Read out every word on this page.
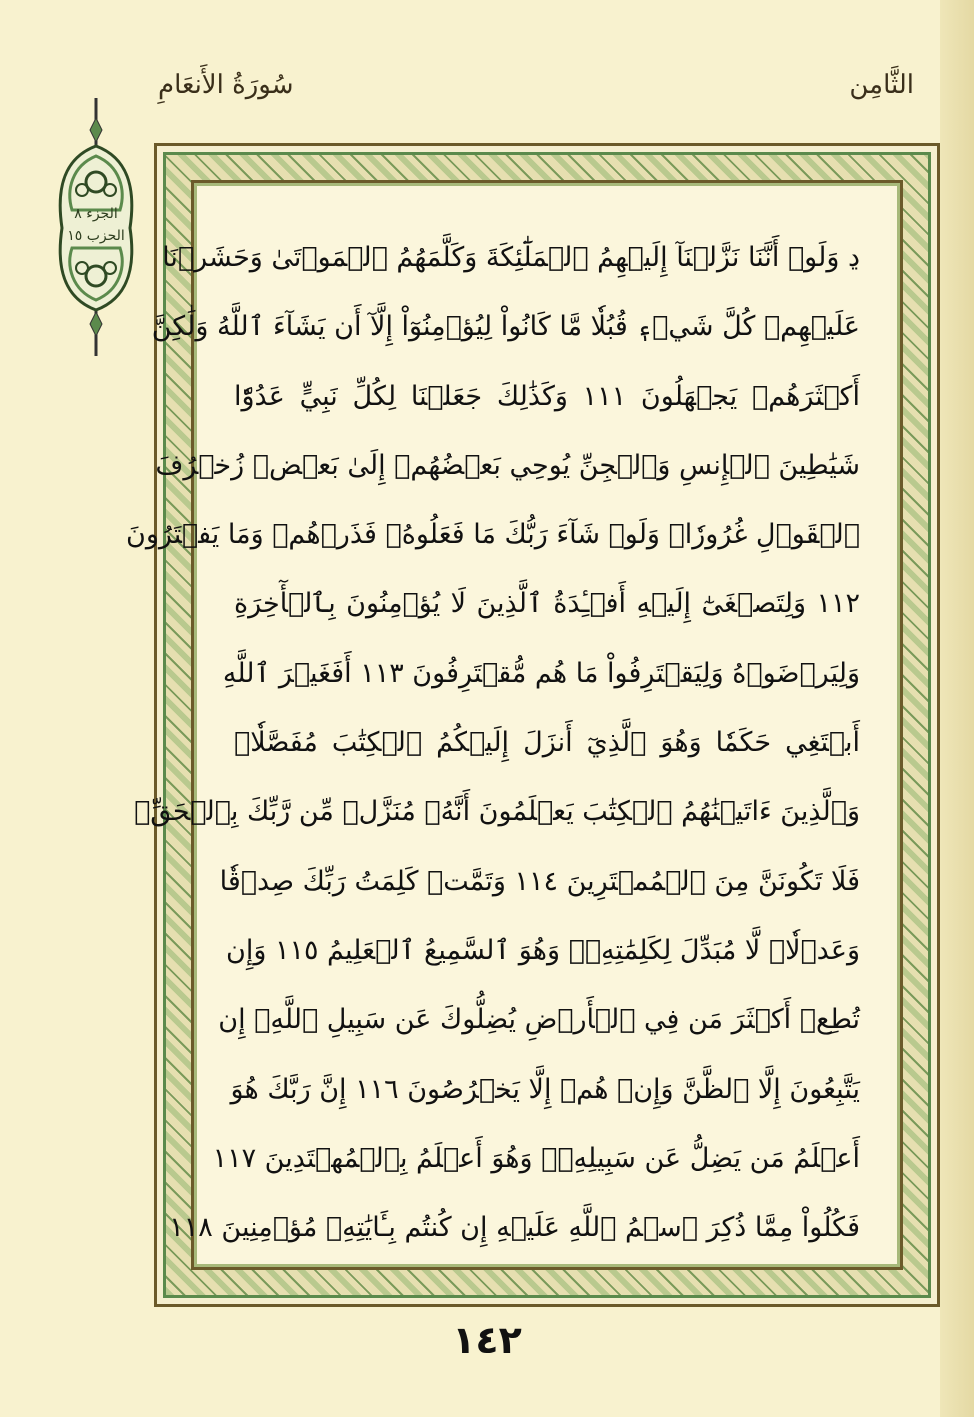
سُورَةُ الأَنعَامِ	الثَّامِن
الجزء ٨
الحزب ١٥
ﮂ وَلَوۡ أَنَّنَا نَزَّلۡنَآ إِلَيۡهِمُ ٱلۡمَلَٰٓئِكَةَ وَكَلَّمَهُمُ ٱلۡمَوۡتَىٰ وَحَشَرۡنَا
عَلَيۡهِمۡ كُلَّ شَيۡءٖ قُبُلٗا مَّا كَانُواْ لِيُؤۡمِنُوٓاْ إِلَّآ أَن يَشَآءَ ٱللَّهُ وَلَٰكِنَّ
أَكۡثَرَهُمۡ يَجۡهَلُونَ ١١١ وَكَذَٰلِكَ جَعَلۡنَا لِكُلِّ نَبِيٍّ عَدُوّٗا
شَيَٰطِينَ ٱلۡإِنسِ وَٱلۡجِنِّ يُوحِي بَعۡضُهُمۡ إِلَىٰ بَعۡضٖ زُخۡرُفَ
ٱلۡقَوۡلِ غُرُورٗاۚ وَلَوۡ شَآءَ رَبُّكَ مَا فَعَلُوهُۖ فَذَرۡهُمۡ وَمَا يَفۡتَرُونَ
١١٢ وَلِتَصۡغَىٰٓ إِلَيۡهِ أَفۡـِٔدَةُ ٱلَّذِينَ لَا يُؤۡمِنُونَ بِٱلۡأٓخِرَةِ
وَلِيَرۡضَوۡهُ وَلِيَقۡتَرِفُواْ مَا هُم مُّقۡتَرِفُونَ ١١٣ أَفَغَيۡرَ ٱللَّهِ
أَبۡتَغِي حَكَمٗا وَهُوَ ٱلَّذِيٓ أَنزَلَ إِلَيۡكُمُ ٱلۡكِتَٰبَ مُفَصَّلٗاۚ
وَٱلَّذِينَ ءَاتَيۡنَٰهُمُ ٱلۡكِتَٰبَ يَعۡلَمُونَ أَنَّهُۥ مُنَزَّلٞ مِّن رَّبِّكَ بِٱلۡحَقِّۖ
فَلَا تَكُونَنَّ مِنَ ٱلۡمُمۡتَرِينَ ١١٤ وَتَمَّتۡ كَلِمَتُ رَبِّكَ صِدۡقٗا
وَعَدۡلٗاۚ لَّا مُبَدِّلَ لِكَلِمَٰتِهِۦۚ وَهُوَ ٱلسَّمِيعُ ٱلۡعَلِيمُ ١١٥ وَإِن
تُطِعۡ أَكۡثَرَ مَن فِي ٱلۡأَرۡضِ يُضِلُّوكَ عَن سَبِيلِ ٱللَّهِۚ إِن
يَتَّبِعُونَ إِلَّا ٱلظَّنَّ وَإِنۡ هُمۡ إِلَّا يَخۡرُصُونَ ١١٦ إِنَّ رَبَّكَ هُوَ
أَعۡلَمُ مَن يَضِلُّ عَن سَبِيلِهِۦۖ وَهُوَ أَعۡلَمُ بِٱلۡمُهۡتَدِينَ ١١٧
فَكُلُواْ مِمَّا ذُكِرَ ٱسۡمُ ٱللَّهِ عَلَيۡهِ إِن كُنتُم بِـَٔايَٰتِهِۦ مُؤۡمِنِينَ ١١٨
١٤٢
